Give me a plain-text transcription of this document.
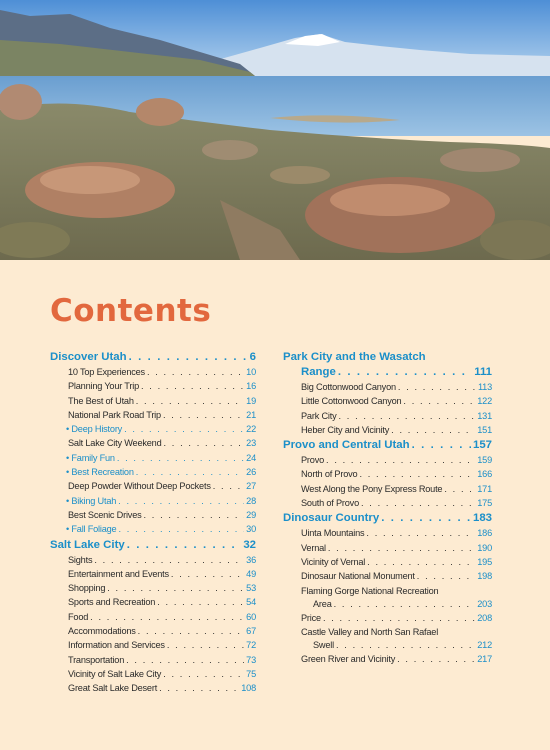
Contents
Discover Utah . . .	6
10 Top Experiences . . .	10
Planning Your Trip . . .	16
The Best of Utah . . .	19
National Park Road Trip . . .	21
• Deep History . . .	22
Salt Lake City Weekend . . .	23
• Family Fun . . .	24
• Best Recreation . . .	26
Deep Powder Without Deep Pockets . . .	27
• Biking Utah . . .	28
Best Scenic Drives . . .	29
• Fall Foliage . . .	30
Salt Lake City . . .	32
Sights . . .	36
Entertainment and Events . . .	49
Shopping . . .	53
Sports and Recreation . . .	54
Food . . .	60
Accommodations . . .	67
Information and Services . . .	72
Transportation . . .	73
Vicinity of Salt Lake City . . .	75
Great Salt Lake Desert . . .	108
Park City and the Wasatch
Range . . .	111
Big Cottonwood Canyon . . .	113
Little Cottonwood Canyon . . .	122
Park City . . .	131
Heber City and Vicinity . . .	151
Provo and Central Utah . . .	157
Provo . . .	159
North of Provo . . .	166
West Along the Pony Express Route . . .	171
South of Provo . . .	175
Dinosaur Country . . .	183
Uinta Mountains . . .	186
Vernal . . .	190
Vicinity of Vernal . . .	195
Dinosaur National Monument . . .	198
Flaming Gorge National Recreation
Area . . .	203
Price . . .	208
Castle Valley and North San Rafael
Swell . . .	212
Green River and Vicinity . . .	217
